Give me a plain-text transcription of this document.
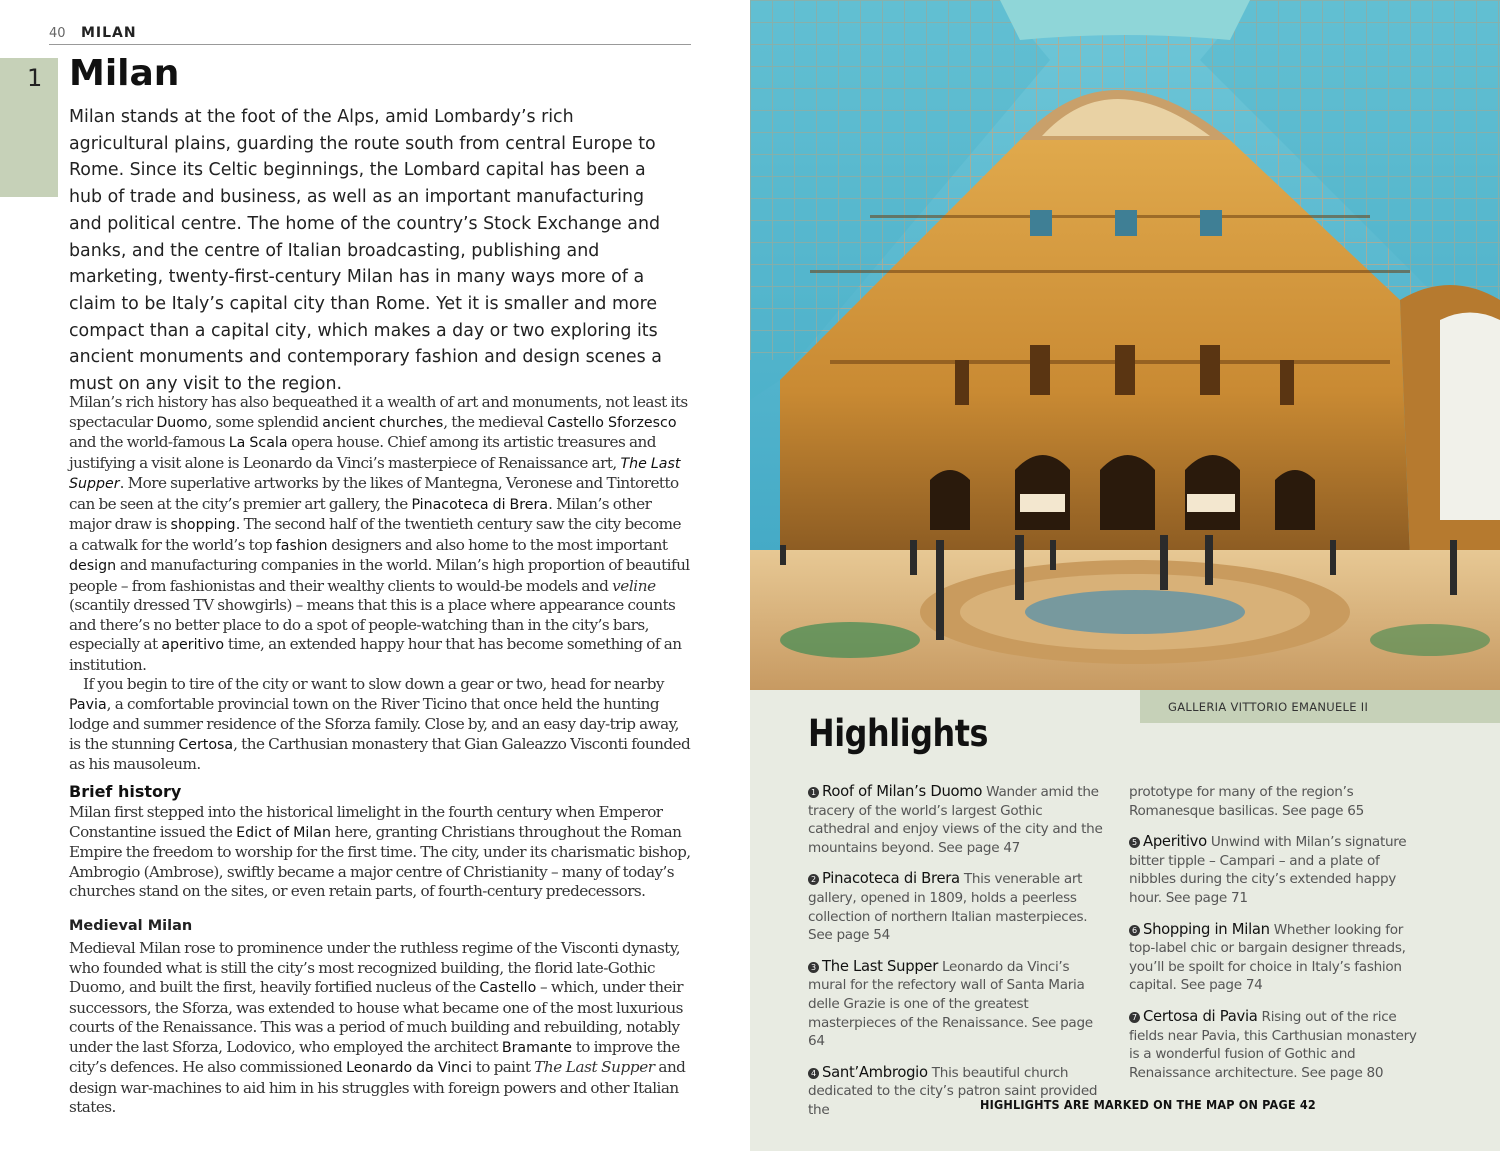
40 MILAN
1 Milan

Milan stands at the foot of the Alps, amid Lombardy’s rich agricultural plains, guarding the route south from central Europe to Rome. Since its Celtic beginnings, the Lombard capital has been a hub of trade and business, as well as an important manufacturing and political centre. The home of the country’s Stock Exchange and banks, and the centre of Italian broadcasting, publishing and marketing, twenty-first-century Milan has in many ways more of a claim to be Italy’s capital city than Rome. Yet it is smaller and more compact than a capital city, which makes a day or two exploring its ancient monuments and contemporary fashion and design scenes a must on any visit to the region.

Milan’s rich history has also bequeathed it a wealth of art and monuments, not least its spectacular Duomo, some splendid ancient churches, the medieval Castello Sforzesco and the world-famous La Scala opera house. Chief among its artistic treasures and justifying a visit alone is Leonardo da Vinci’s masterpiece of Renaissance art, The Last Supper. More superlative artworks by the likes of Mantegna, Veronese and Tintoretto can be seen at the city’s premier art gallery, the Pinacoteca di Brera. Milan’s other major draw is shopping. The second half of the twentieth century saw the city become a catwalk for the world’s top fashion designers and also home to the most important design and manufacturing companies in the world. Milan’s high proportion of beautiful people – from fashionistas and their wealthy clients to would-be models and veline (scantily dressed TV showgirls) – means that this is a place where appearance counts and there’s no better place to do a spot of people-watching than in the city’s bars, especially at aperitivo time, an extended happy hour that has become something of an institution.
If you begin to tire of the city or want to slow down a gear or two, head for nearby Pavia, a comfortable provincial town on the River Ticino that once held the hunting lodge and summer residence of the Sforza family. Close by, and an easy day-trip away, is the stunning Certosa, the Carthusian monastery that Gian Galeazzo Visconti founded as his mausoleum.

Brief history

Milan first stepped into the historical limelight in the fourth century when Emperor Constantine issued the Edict of Milan here, granting Christians throughout the Roman Empire the freedom to worship for the first time. The city, under its charismatic bishop, Ambrogio (Ambrose), swiftly became a major centre of Christianity – many of today’s churches stand on the sites, or even retain parts, of fourth-century predecessors.

Medieval Milan

Medieval Milan rose to prominence under the ruthless regime of the Visconti dynasty, who founded what is still the city’s most recognized building, the florid late-Gothic Duomo, and built the first, heavily fortified nucleus of the Castello – which, under their successors, the Sforza, was extended to house what became one of the most luxurious courts of the Renaissance. This was a period of much building and rebuilding, notably under the last Sforza, Lodovico, who employed the architect Bramante to improve the city’s defences. He also commissioned Leonardo da Vinci to paint The Last Supper and design war-machines to aid him in his struggles with foreign powers and other Italian states.

GALLERIA VITTORIO EMANUELE II
Highlights

1 Roof of Milan’s Duomo Wander amid the tracery of the world’s largest Gothic cathedral and enjoy views of the city and the mountains beyond. See page 47

2 Pinacoteca di Brera This venerable art gallery, opened in 1809, holds a peerless collection of northern Italian masterpieces. See page 54

3 The Last Supper Leonardo da Vinci’s mural for the refectory wall of Santa Maria delle Grazie is one of the greatest masterpieces of the Renaissance. See page 64

4 Sant’Ambrogio This beautiful church dedicated to the city’s patron saint provided the

prototype for many of the region’s Romanesque basilicas. See page 65

5 Aperitivo Unwind with Milan’s signature bitter tipple – Campari – and a plate of nibbles during the city’s extended happy hour. See page 71

6 Shopping in Milan Whether looking for top-label chic or bargain designer threads, you’ll be spoilt for choice in Italy’s fashion capital. See page 74

7 Certosa di Pavia Rising out of the rice fields near Pavia, this Carthusian monastery is a wonderful fusion of Gothic and Renaissance architecture. See page 80

HIGHLIGHTS ARE MARKED ON THE MAP ON PAGE 42
